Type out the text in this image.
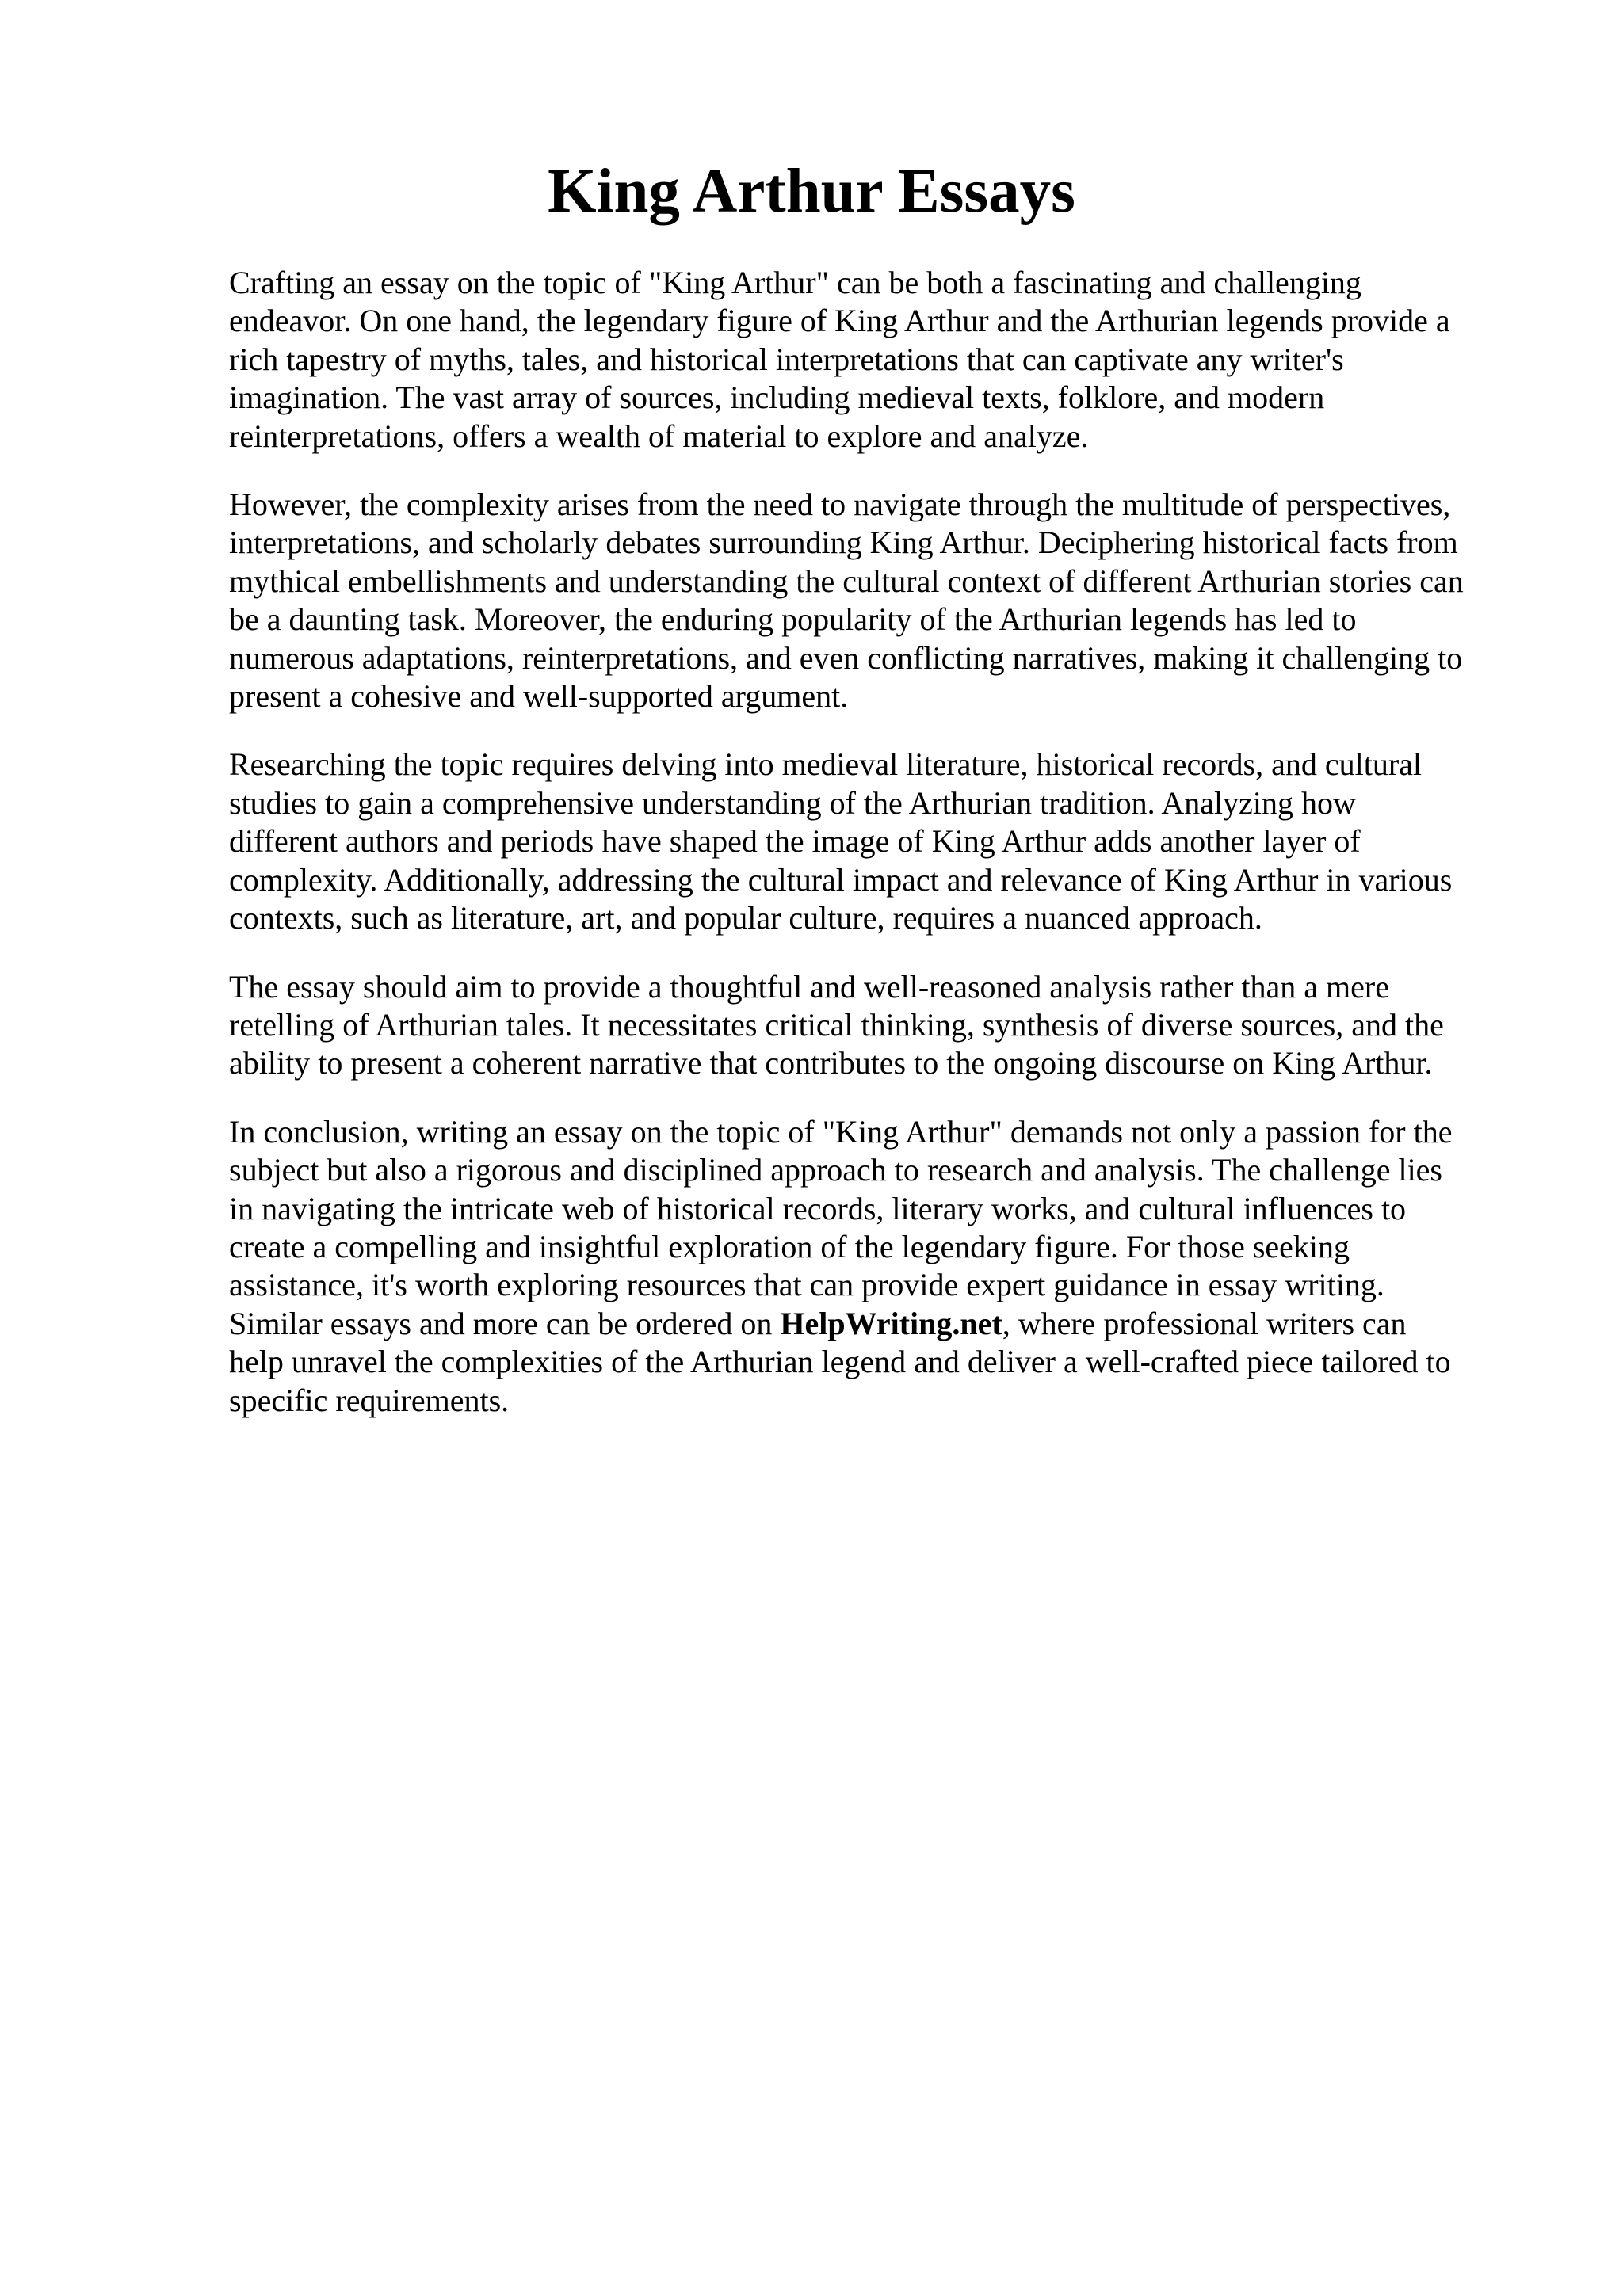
King Arthur Essays

Crafting an essay on the topic of "King Arthur" can be both a fascinating and challenging
endeavor. On one hand, the legendary figure of King Arthur and the Arthurian legends provide a
rich tapestry of myths, tales, and historical interpretations that can captivate any writer's
imagination. The vast array of sources, including medieval texts, folklore, and modern
reinterpretations, offers a wealth of material to explore and analyze.

However, the complexity arises from the need to navigate through the multitude of perspectives,
interpretations, and scholarly debates surrounding King Arthur. Deciphering historical facts from
mythical embellishments and understanding the cultural context of different Arthurian stories can
be a daunting task. Moreover, the enduring popularity of the Arthurian legends has led to
numerous adaptations, reinterpretations, and even conflicting narratives, making it challenging to
present a cohesive and well-supported argument.

Researching the topic requires delving into medieval literature, historical records, and cultural
studies to gain a comprehensive understanding of the Arthurian tradition. Analyzing how
different authors and periods have shaped the image of King Arthur adds another layer of
complexity. Additionally, addressing the cultural impact and relevance of King Arthur in various
contexts, such as literature, art, and popular culture, requires a nuanced approach.

The essay should aim to provide a thoughtful and well-reasoned analysis rather than a mere
retelling of Arthurian tales. It necessitates critical thinking, synthesis of diverse sources, and the
ability to present a coherent narrative that contributes to the ongoing discourse on King Arthur.

In conclusion, writing an essay on the topic of "King Arthur" demands not only a passion for the
subject but also a rigorous and disciplined approach to research and analysis. The challenge lies
in navigating the intricate web of historical records, literary works, and cultural influences to
create a compelling and insightful exploration of the legendary figure. For those seeking
assistance, it's worth exploring resources that can provide expert guidance in essay writing.
Similar essays and more can be ordered on HelpWriting.net, where professional writers can
help unravel the complexities of the Arthurian legend and deliver a well-crafted piece tailored to
specific requirements.
